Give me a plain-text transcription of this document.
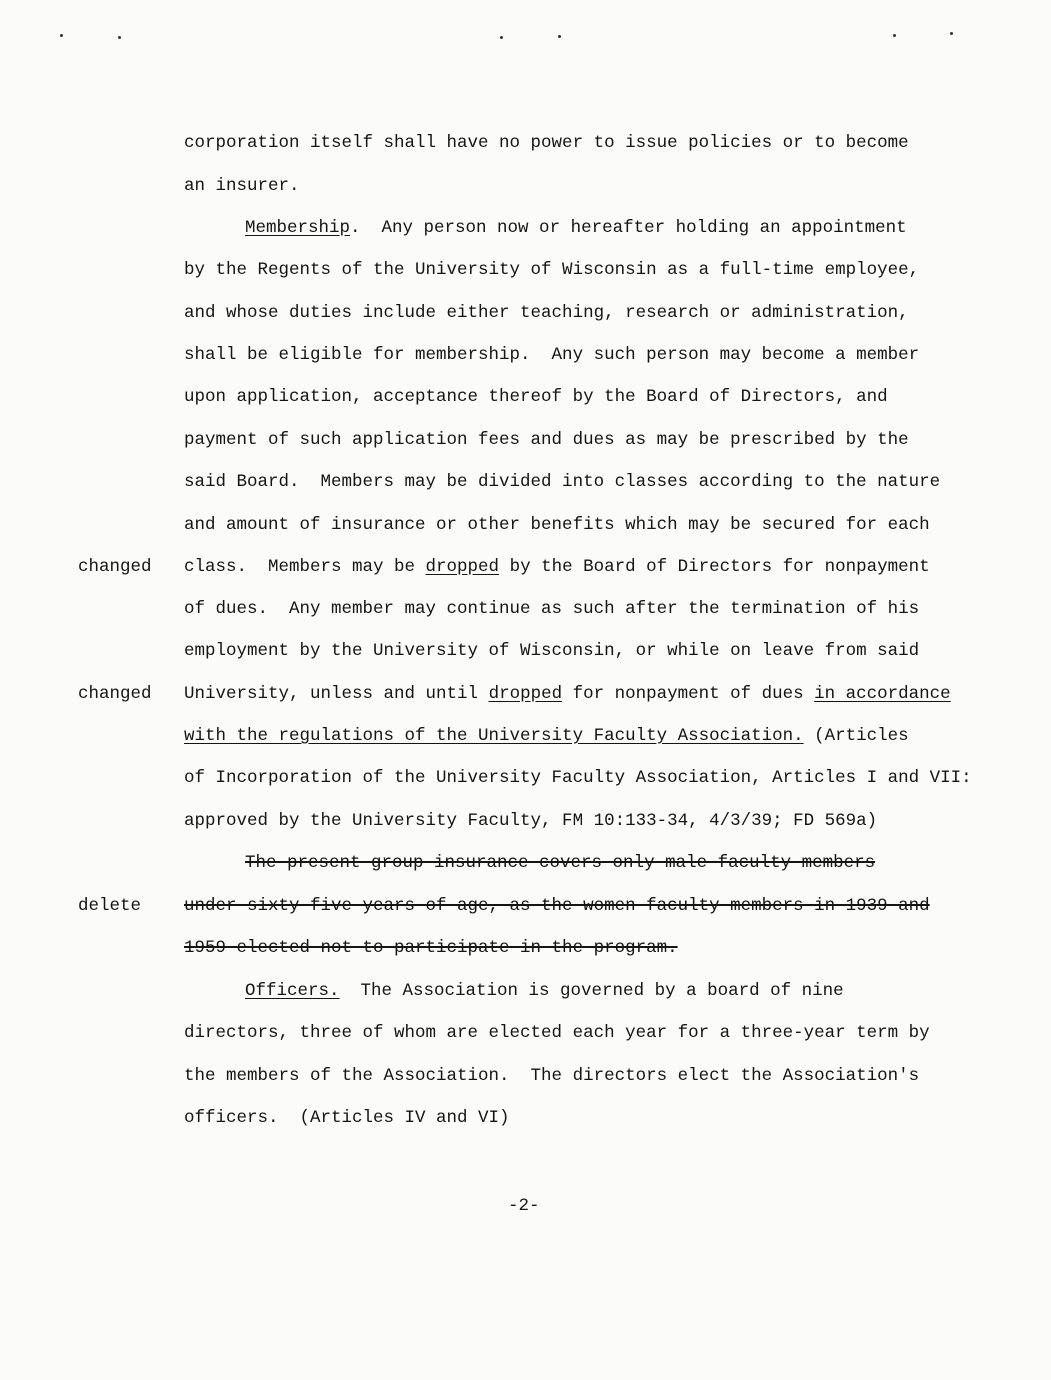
corporation itself shall have no power to issue policies or to become
an insurer.
Membership.  Any person now or hereafter holding an appointment
by the Regents of the University of Wisconsin as a full-time employee,
and whose duties include either teaching, research or administration,
shall be eligible for membership.  Any such person may become a member
upon application, acceptance thereof by the Board of Directors, and
payment of such application fees and dues as may be prescribed by the
said Board.  Members may be divided into classes according to the nature
and amount of insurance or other benefits which may be secured for each
class.  Members may be dropped by the Board of Directors for nonpayment
of dues.  Any member may continue as such after the termination of his
employment by the University of Wisconsin, or while on leave from said
University, unless and until dropped for nonpayment of dues in accordance
with the regulations of the University Faculty Association. (Articles
of Incorporation of the University Faculty Association, Articles I and VII:
approved by the University Faculty, FM 10:133-34, 4/3/39; FD 569a)
The present group insurance covers only male faculty members
under sixty-five years of age, as the women faculty members in 1939 and
1959 elected not to participate in the program.
Officers.  The Association is governed by a board of nine
directors, three of whom are elected each year for a three-year term by
the members of the Association.  The directors elect the Association's
officers.  (Articles IV and VI)
changed
changed
delete
-2-
